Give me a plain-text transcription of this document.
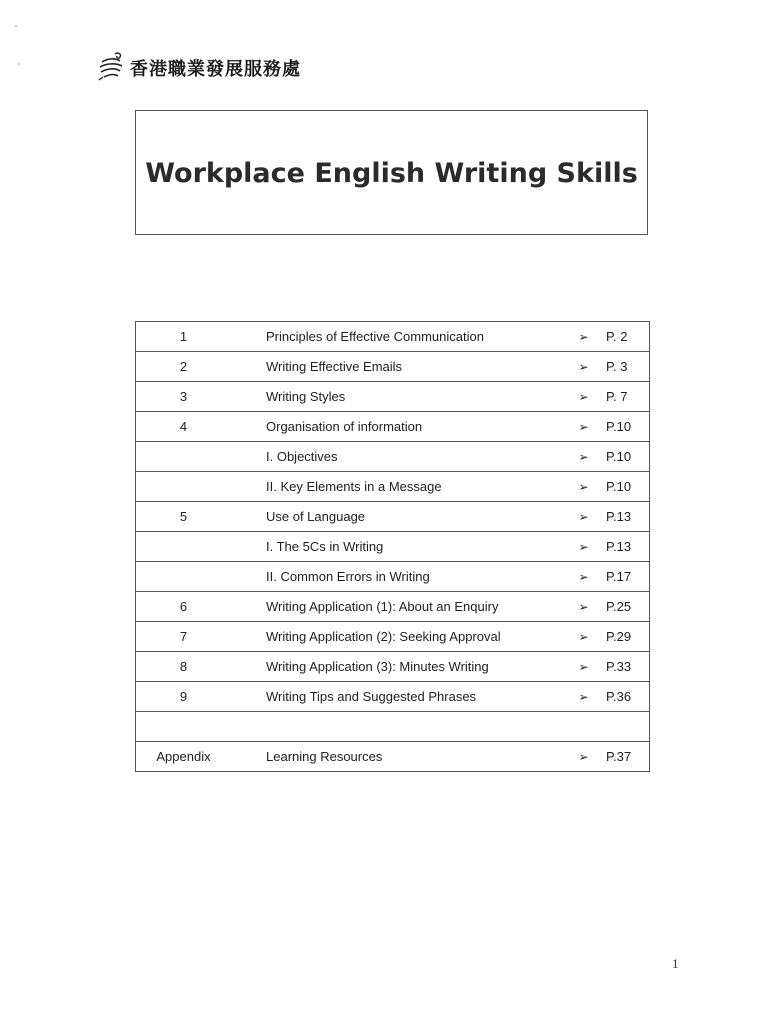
香港職業發展服務處
Workplace English Writing Skills
1	Principles of Effective Communication	➢	P. 2
2	Writing Effective Emails	➢	P. 3
3	Writing Styles	➢	P. 7
4	Organisation of information	➢	P.10
	I. Objectives	➢	P.10
	II. Key Elements in a Message	➢	P.10
5	Use of Language	➢	P.13
	I. The 5Cs in Writing	➢	P.13
	II. Common Errors in Writing	➢	P.17
6	Writing Application (1): About an Enquiry	➢	P.25
7	Writing Application (2): Seeking Approval	➢	P.29
8	Writing Application (3): Minutes Writing	➢	P.33
9	Writing Tips and Suggested Phrases	➢	P.36

Appendix	Learning Resources	➢	P.37
1
